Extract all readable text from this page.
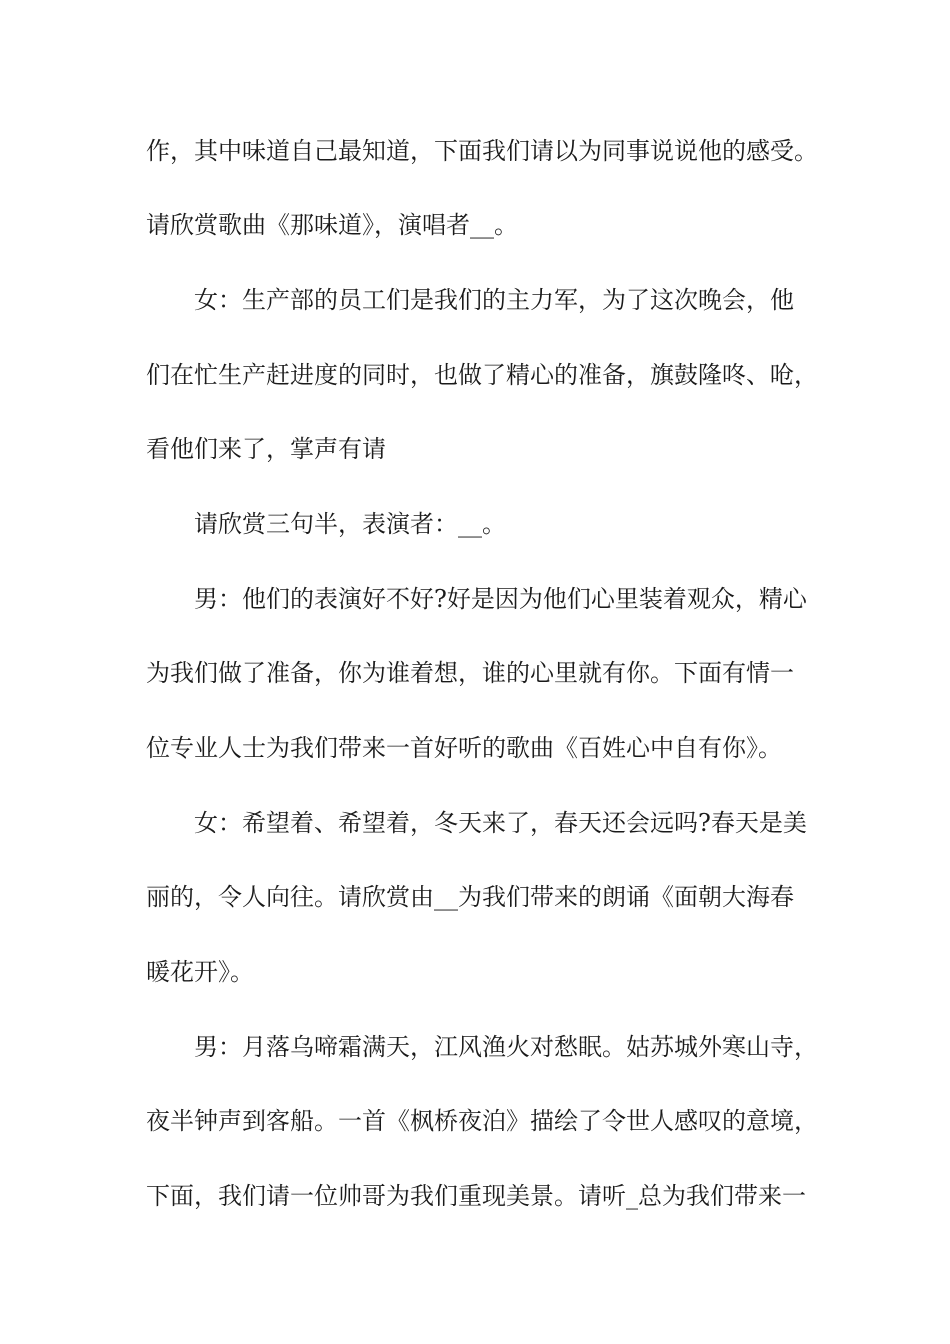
作，其中味道自己最知道，下面我们请以为同事说说他的感受。
请欣赏歌曲《那味道》，演唱者__。
女：生产部的员工们是我们的主力军，为了这次晚会，他
们在忙生产赶进度的同时，也做了精心的准备，旗鼓隆咚、呛，
看他们来了，掌声有请
请欣赏三句半，表演者：__。
男：他们的表演好不好?好是因为他们心里装着观众，精心
为我们做了准备，你为谁着想，谁的心里就有你。下面有情一
位专业人士为我们带来一首好听的歌曲《百姓心中自有你》。
女：希望着、希望着，冬天来了，春天还会远吗?春天是美
丽的，令人向往。请欣赏由__为我们带来的朗诵《面朝大海春
暖花开》。
男：月落乌啼霜满天，江风渔火对愁眠。姑苏城外寒山寺，
夜半钟声到客船。一首《枫桥夜泊》描绘了令世人感叹的意境，
下面，我们请一位帅哥为我们重现美景。请听_总为我们带来一
